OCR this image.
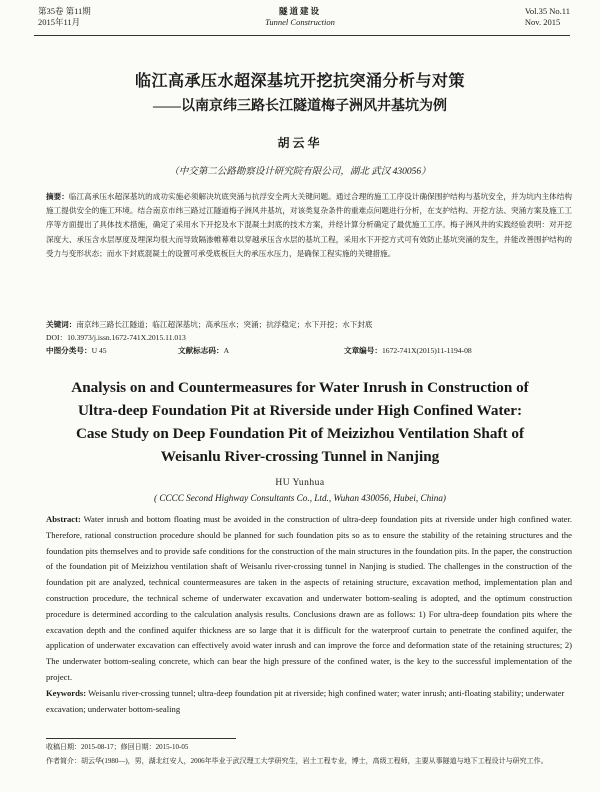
第35卷 第11期
2015年11月
隧道建设
Tunnel Construction
Vol.35 No.11
Nov. 2015
临江高承压水超深基坑开挖抗突涌分析与对策
——以南京纬三路长江隧道梅子洲风井基坑为例
胡云华
（中交第二公路勘察设计研究院有限公司，湖北 武汉 430056）
摘要：临江高承压水超深基坑的成功实施必须解决坑底突涌与抗浮安全两大关键问题。通过合理的施工工序设计确保围护结构与基坑安全，并为坑内主体结构施工提供安全的施工环境。结合南京市纬三路过江隧道梅子洲风井基坑，对该类复杂条件的重难点问题进行分析，在支护结构、开挖方法、突涌方案及施工工序等方面提出了具体技术措施，确定了采用水下开挖及水下混凝土封底的技术方案，并经计算分析确定了最优施工工序。梅子洲风井的实践经验表明：对开挖深度大、承压含水层厚度及埋深均很大而导致隔渗帷幕难以穿越承压含水层的基坑工程，采用水下开挖方式可有效防止基坑突涌的发生，并能改善围护结构的受力与变形状态；而水下封底混凝土的设置可承受底板巨大的承压水压力，是确保工程实施的关键措施。
关键词：南京纬三路长江隧道；临江超深基坑；高承压水；突涌；抗浮稳定；水下开挖；水下封底
DOI：10.3973/j.issn.1672-741X.2015.11.013
中图分类号：U 45	文献标志码：A	文章编号：1672-741X(2015)11-1194-08
Analysis on and Countermeasures for Water Inrush in Construction of
Ultra-deep Foundation Pit at Riverside under High Confined Water:
Case Study on Deep Foundation Pit of Meizizhou Ventilation Shaft of
Weisanlu River-crossing Tunnel in Nanjing
HU Yunhua
( CCCC Second Highway Consultants Co., Ltd., Wuhan 430056, Hubei, China)
Abstract: Water inrush and bottom floating must be avoided in the construction of ultra-deep foundation pits at riverside under high confined water. Therefore, rational construction procedure should be planned for such foundation pits so as to ensure the stability of the retaining structures and the foundation pits themselves and to provide safe conditions for the construction of the main structures in the foundation pits. In the paper, the construction of the foundation pit of Meizizhou ventilation shaft of Weisanlu river-crossing tunnel in Nanjing is studied. The challenges in the construction of the foundation pit are analyzed, technical countermeasures are taken in the aspects of retaining structure, excavation method, implementation plan and construction procedure, the technical scheme of underwater excavation and underwater bottom-sealing is adopted, and the optimum construction procedure is determined according to the calculation analysis results. Conclusions drawn are as follows: 1) For ultra-deep foundation pits where the excavation depth and the confined aquifer thickness are so large that it is difficult for the waterproof curtain to penetrate the confined aquifer, the application of underwater excavation can effectively avoid water inrush and can improve the force and deformation state of the retaining structures; 2) The underwater bottom-sealing concrete, which can bear the high pressure of the confined water, is the key to the successful implementation of the project.
Keywords: Weisanlu river-crossing tunnel; ultra-deep foundation pit at riverside; high confined water; water inrush; anti-floating stability; underwater excavation; underwater bottom-sealing
收稿日期：2015-08-17；修回日期：2015-10-05
作者简介：胡云华(1980—)，男，湖北红安人，2006年毕业于武汉理工大学研究生，岩土工程专业，博士，高级工程师，主要从事隧道与地下工程设计与研究工作。
